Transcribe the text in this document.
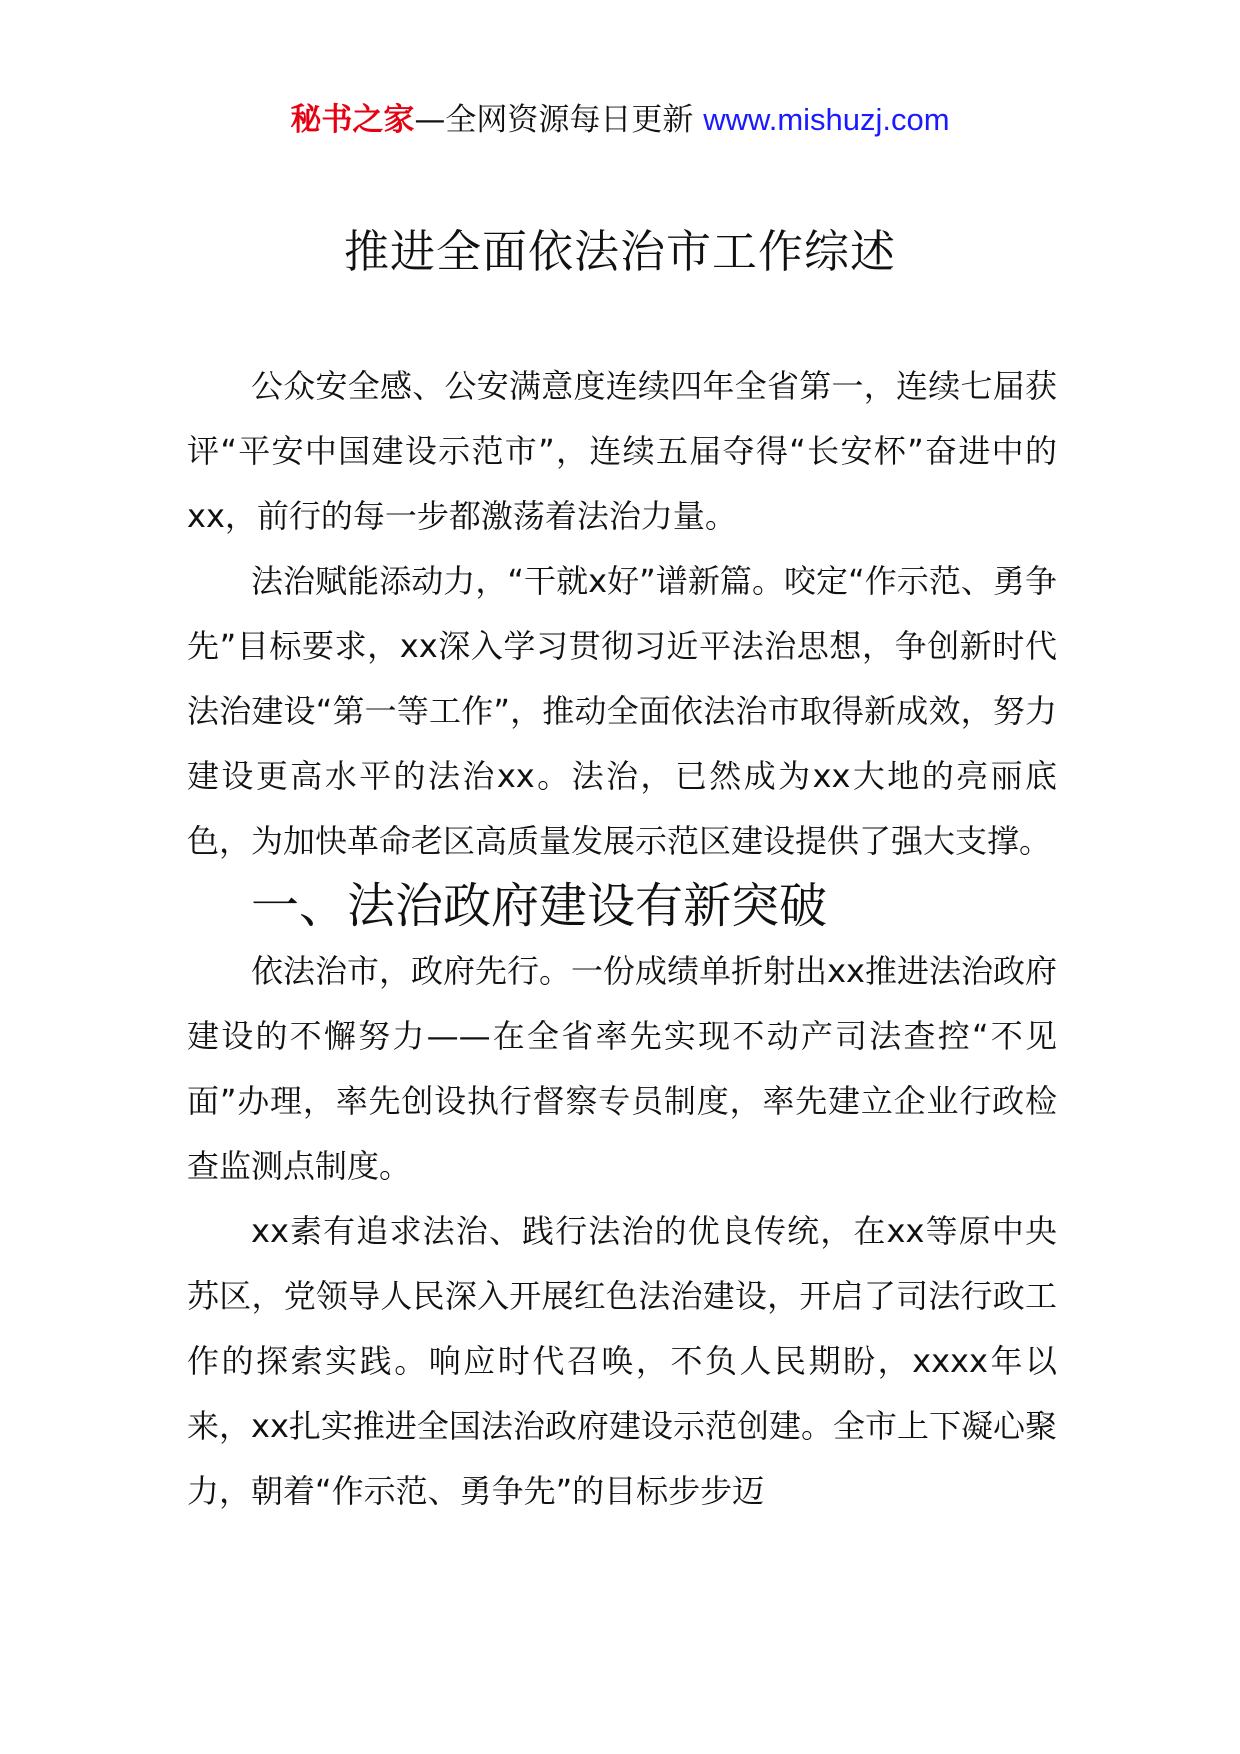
秘书之家—全网资源每日更新 www.mishuzj.com
推进全面依法治市工作综述

公众安全感、公安满意度连续四年全省第一，连续七届获评“平安中国建设示范市”，连续五届夺得“长安杯”奋进中的xx，前行的每一步都激荡着法治力量。

法治赋能添动力，“干就x好”谱新篇。咬定“作示范、勇争先”目标要求，xx深入学习贯彻习近平法治思想，争创新时代法治建设“第一等工作”，推动全面依法治市取得新成效，努力建设更高水平的法治xx。法治，已然成为xx大地的亮丽底色，为加快革命老区高质量发展示范区建设提供了强大支撑。

一、法治政府建设有新突破

依法治市，政府先行。一份成绩单折射出xx推进法治政府建设的不懈努力——在全省率先实现不动产司法查控“不见面”办理，率先创设执行督察专员制度，率先建立企业行政检查监测点制度。

xx素有追求法治、践行法治的优良传统，在xx等原中央苏区，党领导人民深入开展红色法治建设，开启了司法行政工作的探索实践。响应时代召唤，不负人民期盼，xxxx年以来，xx扎实推进全国法治政府建设示范创建。全市上下凝心聚力，朝着“作示范、勇争先”的目标步步迈
